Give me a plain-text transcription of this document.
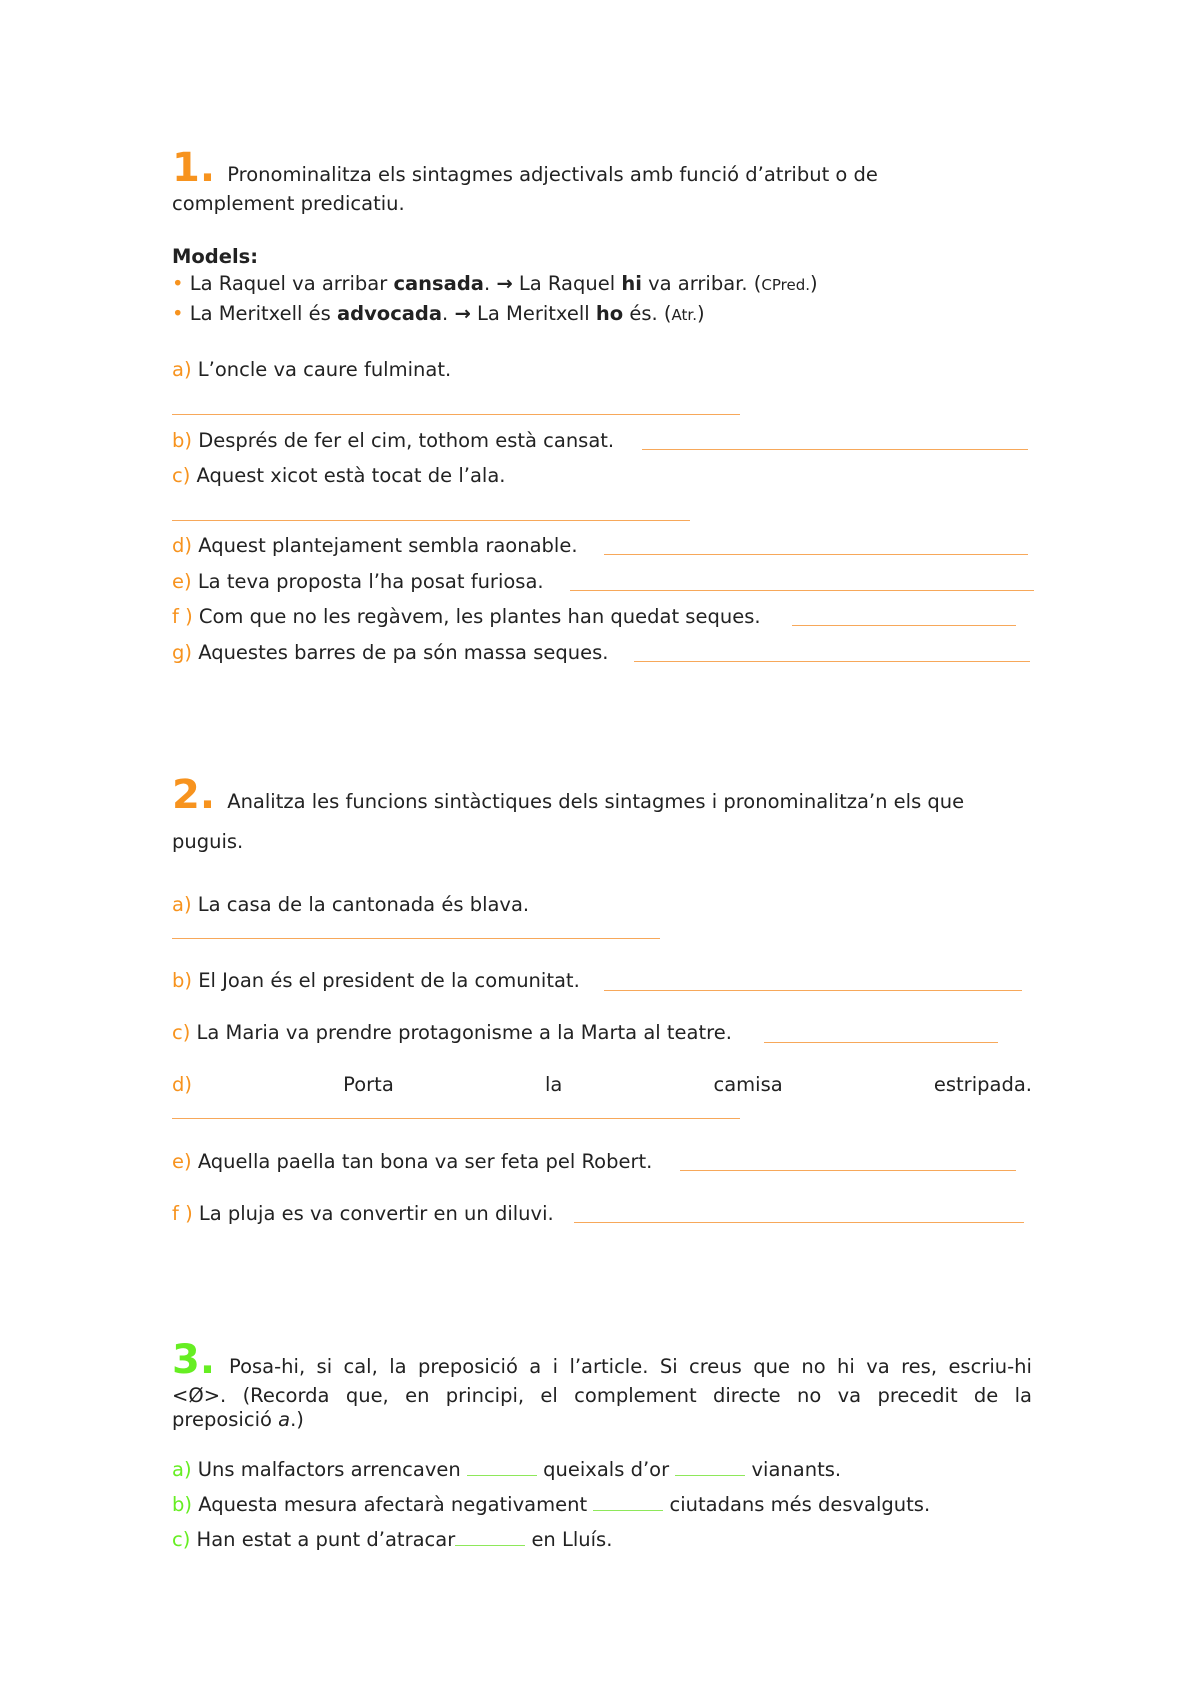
1. Pronominalitza els sintagmes adjectivals amb funció d’atribut o de
complement predicatiu.
Models:
• La Raquel va arribar cansada. → La Raquel hi va arribar. (CPred.)
• La Meritxell és advocada. → La Meritxell ho és. (Atr.)
a) L’oncle va caure fulminat.
b) Després de fer el cim, tothom està cansat.
c) Aquest xicot està tocat de l’ala.
d) Aquest plantejament sembla raonable.
e) La teva proposta l’ha posat furiosa.
f ) Com que no les regàvem, les plantes han quedat seques.
g) Aquestes barres de pa són massa seques.
2. Analitza les funcions sintàctiques dels sintagmes i pronominalitza’n els que
puguis.
a) La casa de la cantonada és blava.
b) El Joan és el president de la comunitat.
c) La Maria va prendre protagonisme a la Marta al teatre.
d)	Porta	la	camisa	estripada.
e) Aquella paella tan bona va ser feta pel Robert.
f ) La pluja es va convertir en un diluvi.
3. Posa-hi, si cal, la preposició a i l’article. Si creus que no hi va res, escriu-hi
<Ø>. (Recorda que, en principi, el complement directe no va precedit de la
preposició a.)
a) Uns malfactors arrencaven	queixals d’or	vianants.
b) Aquesta mesura afectarà negativament	ciutadans més desvalguts.
c) Han estat a punt d’atracar	en Lluís.
